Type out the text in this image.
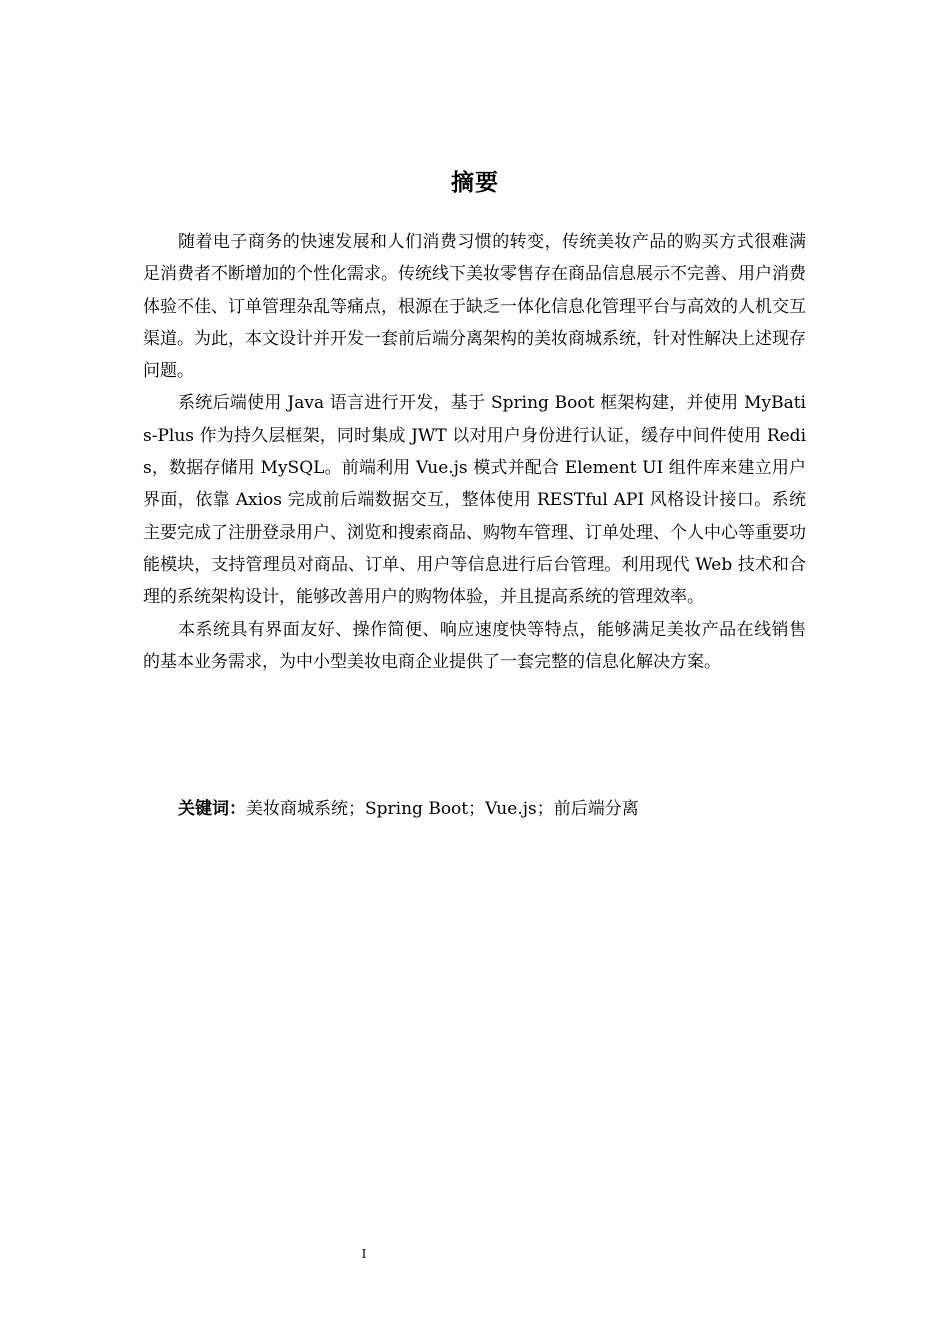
摘要

随着电子商务的快速发展和人们消费习惯的转变，传统美妆产品的购买方式很难满足消费者不断增加的个性化需求。传统线下美妆零售存在商品信息展示不完善、用户消费体验不佳、订单管理杂乱等痛点，根源在于缺乏一体化信息化管理平台与高效的人机交互渠道。为此，本文设计并开发一套前后端分离架构的美妆商城系统，针对性解决上述现存问题。

系统后端使用 Java 语言进行开发，基于 Spring Boot 框架构建，并使用 MyBatis-Plus 作为持久层框架，同时集成 JWT 以对用户身份进行认证，缓存中间件使用 Redis，数据存储用 MySQL。前端利用 Vue.js 模式并配合 Element UI 组件库来建立用户界面，依靠 Axios 完成前后端数据交互，整体使用 RESTful API 风格设计接口。系统主要完成了注册登录用户、浏览和搜索商品、购物车管理、订单处理、个人中心等重要功能模块，支持管理员对商品、订单、用户等信息进行后台管理。利用现代 Web 技术和合理的系统架构设计，能够改善用户的购物体验，并且提高系统的管理效率。

本系统具有界面友好、操作简便、响应速度快等特点，能够满足美妆产品在线销售的基本业务需求，为中小型美妆电商企业提供了一套完整的信息化解决方案。

关键词：美妆商城系统；Spring Boot；Vue.js；前后端分离
I
